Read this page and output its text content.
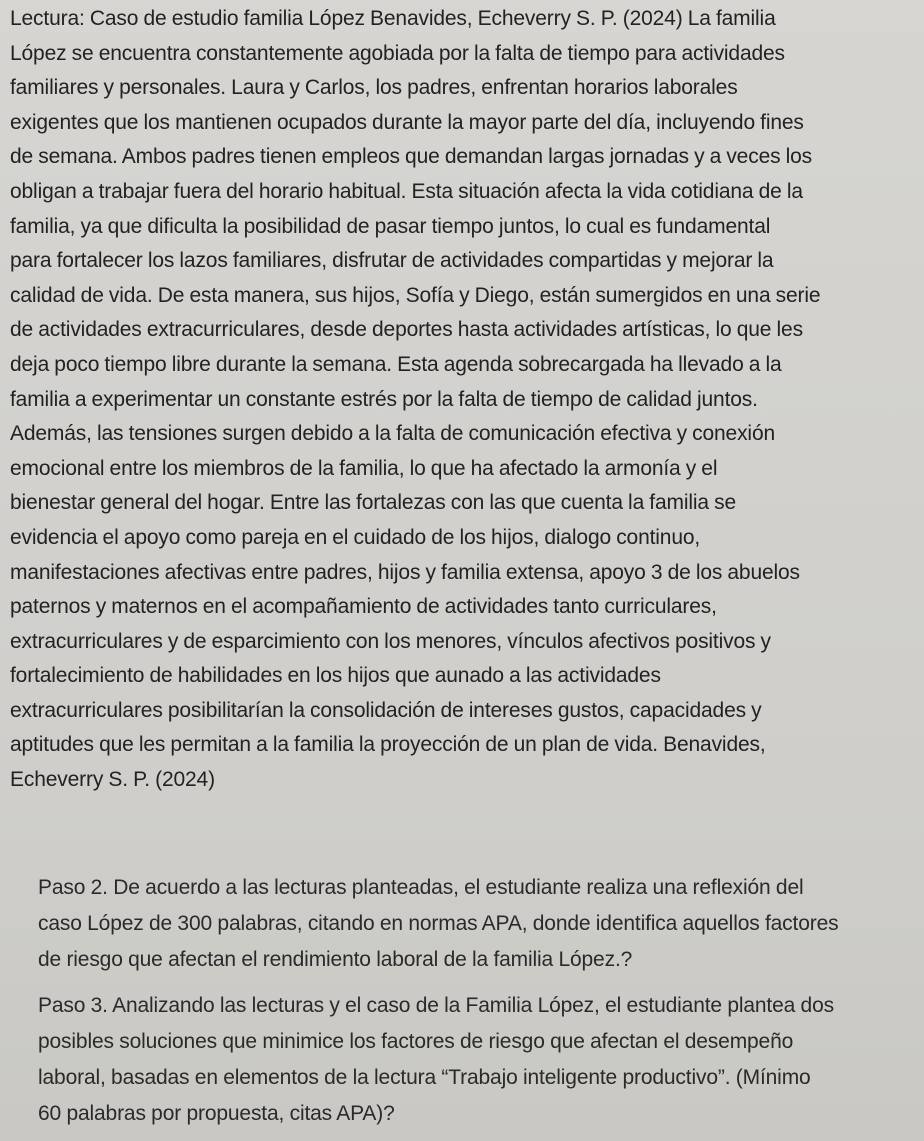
Lectura: Caso de estudio familia López Benavides, Echeverry S. P. (2024) La familia
López se encuentra constantemente agobiada por la falta de tiempo para actividades
familiares y personales. Laura y Carlos, los padres, enfrentan horarios laborales
exigentes que los mantienen ocupados durante la mayor parte del día, incluyendo fines
de semana. Ambos padres tienen empleos que demandan largas jornadas y a veces los
obligan a trabajar fuera del horario habitual. Esta situación afecta la vida cotidiana de la
familia, ya que dificulta la posibilidad de pasar tiempo juntos, lo cual es fundamental
para fortalecer los lazos familiares, disfrutar de actividades compartidas y mejorar la
calidad de vida. De esta manera, sus hijos, Sofía y Diego, están sumergidos en una serie
de actividades extracurriculares, desde deportes hasta actividades artísticas, lo que les
deja poco tiempo libre durante la semana. Esta agenda sobrecargada ha llevado a la
familia a experimentar un constante estrés por la falta de tiempo de calidad juntos.
Además, las tensiones surgen debido a la falta de comunicación efectiva y conexión
emocional entre los miembros de la familia, lo que ha afectado la armonía y el
bienestar general del hogar. Entre las fortalezas con las que cuenta la familia se
evidencia el apoyo como pareja en el cuidado de los hijos, dialogo continuo,
manifestaciones afectivas entre padres, hijos y familia extensa, apoyo 3 de los abuelos
paternos y maternos en el acompañamiento de actividades tanto curriculares,
extracurriculares y de esparcimiento con los menores, vínculos afectivos positivos y
fortalecimiento de habilidades en los hijos que aunado a las actividades
extracurriculares posibilitarían la consolidación de intereses gustos, capacidades y
aptitudes que les permitan a la familia la proyección de un plan de vida. Benavides,
Echeverry S. P. (2024)
Paso 2. De acuerdo a las lecturas planteadas, el estudiante realiza una reflexión del
caso López de 300 palabras, citando en normas APA, donde identifica aquellos factores
de riesgo que afectan el rendimiento laboral de la familia López.?
Paso 3. Analizando las lecturas y el caso de la Familia López, el estudiante plantea dos
posibles soluciones que minimice los factores de riesgo que afectan el desempeño
laboral, basadas en elementos de la lectura “Trabajo inteligente productivo”. (Mínimo
60 palabras por propuesta, citas APA)?
